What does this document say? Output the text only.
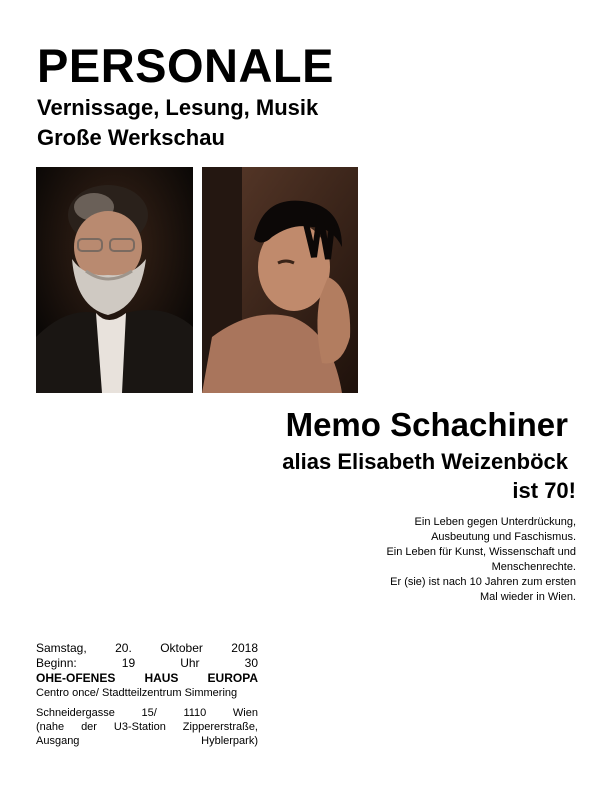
PERSONALE
Vernissage, Lesung, Musik
Große Werkschau
Memo Schachiner
alias Elisabeth Weizenböck
ist 70!
Ein Leben gegen Unterdrückung,
Ausbeutung und Faschismus.
Ein Leben für Kunst, Wissenschaft und
Menschenrechte.
Er (sie) ist nach 10 Jahren zum ersten
Mal wieder in Wien.
Samstag, 20. Oktober 2018
Beginn:	19	Uhr	30
OHE-OFENES HAUS EUROPA
Centro once/ Stadtteilzentrum Simmering
Schneidergasse 15/ 1110 Wien
(nahe der U3-Station Zippererstraße,
Ausgang	Hyblerpark)
